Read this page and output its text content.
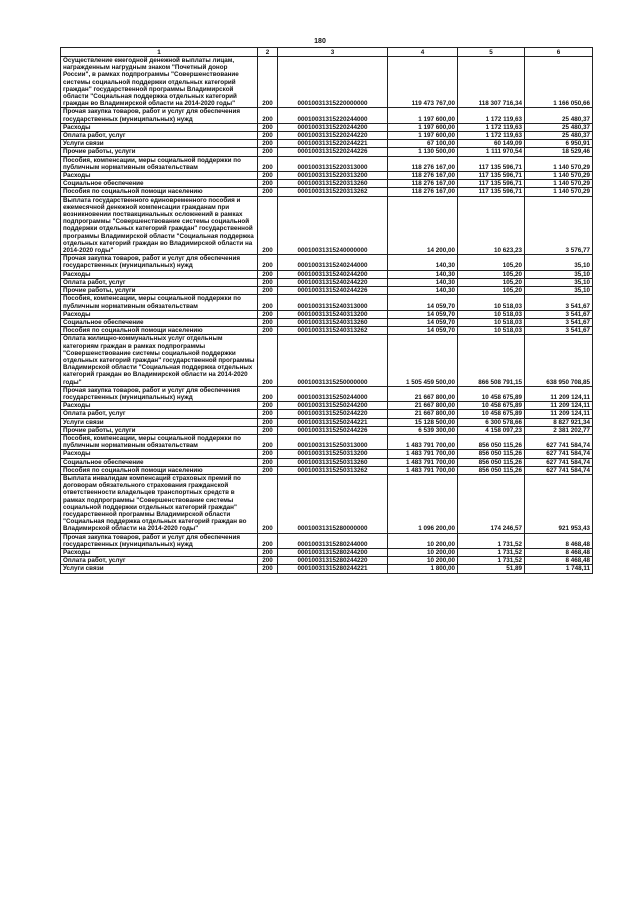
180
1	2	3	4	5	6
Осуществление ежегодной денежной выплаты лицам, награжденным нагрудным знаком "Почетный донор России", в рамках подпрограммы "Совершенствование системы социальной поддержки отдельных категорий граждан" государственной программы Владимирской области "Социальная поддержка отдельных категорий граждан во Владимирской области на 2014-2020 годы"	200	00010031315220000000	119 473 767,00	118 307 716,34	1 166 050,66
Прочая закупка товаров, работ и услуг для обеспечения государственных (муниципальных) нужд	200	00010031315220244000	1 197 600,00	1 172 119,63	25 480,37
Расходы	200	00010031315220244200	1 197 600,00	1 172 119,63	25 480,37
Оплата работ, услуг	200	00010031315220244220	1 197 600,00	1 172 119,63	25 480,37
Услуги связи	200	00010031315220244221	67 100,00	60 149,09	6 950,91
Прочие работы, услуги	200	00010031315220244226	1 130 500,00	1 111 970,54	18 529,46
Пособия, компенсации, меры социальной поддержки по публичным нормативным обязательствам	200	00010031315220313000	118 276 167,00	117 135 596,71	1 140 570,29
Расходы	200	00010031315220313200	118 276 167,00	117 135 596,71	1 140 570,29
Социальное обеспечение	200	00010031315220313260	118 276 167,00	117 135 596,71	1 140 570,29
Пособия по социальной помощи населению	200	00010031315220313262	118 276 167,00	117 135 596,71	1 140 570,29
Выплата государственного единовременного пособия и ежемесячной денежной компенсации гражданам при возникновении поствакцинальных осложнений в рамках подпрограммы "Совершенствование системы социальной поддержки отдельных категорий граждан" государственной программы Владимирской области "Социальная поддержка отдельных категорий граждан во Владимирской области на 2014-2020 годы"	200	00010031315240000000	14 200,00	10 623,23	3 576,77
Прочая закупка товаров, работ и услуг для обеспечения государственных (муниципальных) нужд	200	00010031315240244000	140,30	105,20	35,10
Расходы	200	00010031315240244200	140,30	105,20	35,10
Оплата работ, услуг	200	00010031315240244220	140,30	105,20	35,10
Прочие работы, услуги	200	00010031315240244226	140,30	105,20	35,10
Пособия, компенсации, меры социальной поддержки по публичным нормативным обязательствам	200	00010031315240313000	14 059,70	10 518,03	3 541,67
Расходы	200	00010031315240313200	14 059,70	10 518,03	3 541,67
Социальное обеспечение	200	00010031315240313260	14 059,70	10 518,03	3 541,67
Пособия по социальной помощи населению	200	00010031315240313262	14 059,70	10 518,03	3 541,67
Оплата жилищно-коммунальных услуг отдельным категориям граждан в рамках подпрограммы "Совершенствование системы социальной поддержки отдельных категорий граждан" государственной программы Владимирской области "Социальная поддержка отдельных категорий граждан во Владимирской области на 2014-2020 годы"	200	00010031315250000000	1 505 459 500,00	866 508 791,15	638 950 708,85
Прочая закупка товаров, работ и услуг для обеспечения государственных (муниципальных) нужд	200	00010031315250244000	21 667 800,00	10 458 675,89	11 209 124,11
Расходы	200	00010031315250244200	21 667 800,00	10 458 675,89	11 209 124,11
Оплата работ, услуг	200	00010031315250244220	21 667 800,00	10 458 675,89	11 209 124,11
Услуги связи	200	00010031315250244221	15 128 500,00	6 300 578,66	8 827 921,34
Прочие работы, услуги	200	00010031315250244226	6 539 300,00	4 158 097,23	2 381 202,77
Пособия, компенсации, меры социальной поддержки по публичным нормативным обязательствам	200	00010031315250313000	1 483 791 700,00	856 050 115,26	627 741 584,74
Расходы	200	00010031315250313200	1 483 791 700,00	856 050 115,26	627 741 584,74
Социальное обеспечение	200	00010031315250313260	1 483 791 700,00	856 050 115,26	627 741 584,74
Пособия по социальной помощи населению	200	00010031315250313262	1 483 791 700,00	856 050 115,26	627 741 584,74
Выплата инвалидам компенсаций страховых премий по договорам обязательного страхования гражданской ответственности владельцев транспортных средств в рамках подпрограммы "Совершенствование системы социальной поддержки отдельных категорий граждан" государственной программы Владимирской области "Социальная поддержка отдельных категорий граждан во Владимирской области на 2014-2020 годы"	200	00010031315280000000	1 096 200,00	174 246,57	921 953,43
Прочая закупка товаров, работ и услуг для обеспечения государственных (муниципальных) нужд	200	00010031315280244000	10 200,00	1 731,52	8 468,48
Расходы	200	00010031315280244200	10 200,00	1 731,52	8 468,48
Оплата работ, услуг	200	00010031315280244220	10 200,00	1 731,52	8 468,48
Услуги связи	200	00010031315280244221	1 800,00	51,89	1 748,11
